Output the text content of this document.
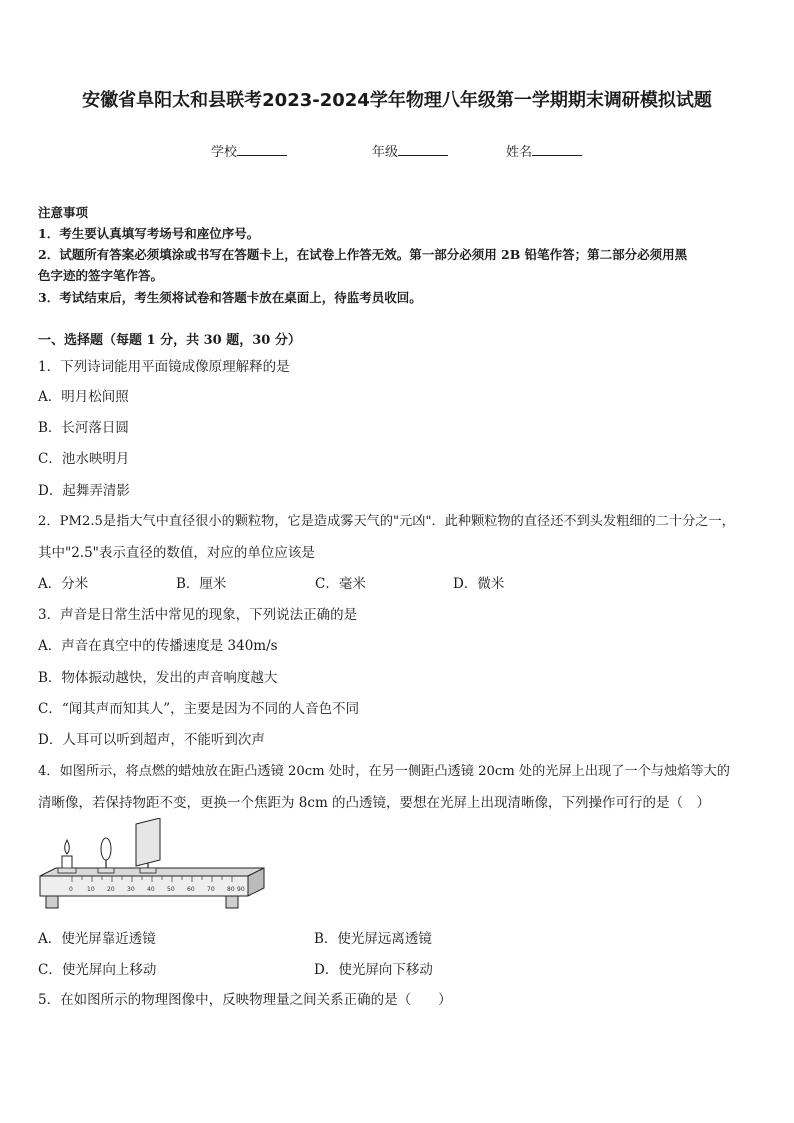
安徽省阜阳太和县联考2023-2024学年物理八年级第一学期期末调研模拟试题
学校	年级	姓名
注意事项
1．考生要认真填写考场号和座位序号。
2．试题所有答案必须填涂或书写在答题卡上，在试卷上作答无效。第一部分必须用 2B 铅笔作答；第二部分必须用黑
色字迹的签字笔作答。
3．考试结束后，考生须将试卷和答题卡放在桌面上，待监考员收回。
一、选择题（每题 1 分，共 30 题，30 分）
1．下列诗词能用平面镜成像原理解释的是
A．明月松间照
B．长河落日圆
C．池水映明月
D．起舞弄清影
2．PM2.5是指大气中直径很小的颗粒物，它是造成雾天气的"元凶"．此种颗粒物的直径还不到头发粗细的二十分之一，
其中"2.5"表示直径的数值，对应的单位应该是
A．分米	B．厘米	C．毫米	D．微米
3．声音是日常生活中常见的现象，下列说法正确的是
A．声音在真空中的传播速度是 340m/s
B．物体振动越快，发出的声音响度越大
C．“闻其声而知其人”，主要是因为不同的人音色不同
D．人耳可以听到超声，不能听到次声
4．如图所示，将点燃的蜡烛放在距凸透镜 20cm 处时，在另一侧距凸透镜 20cm 处的光屏上出现了一个与烛焰等大的
清晰像，若保持物距不变，更换一个焦距为 8cm 的凸透镜，要想在光屏上出现清晰像，下列操作可行的是（　）
0 10 20 30 40 50 60 70 80 90
A．使光屏靠近透镜	B．使光屏远离透镜
C．使光屏向上移动	D．使光屏向下移动
5．在如图所示的物理图像中，反映物理量之间关系正确的是（　　）
